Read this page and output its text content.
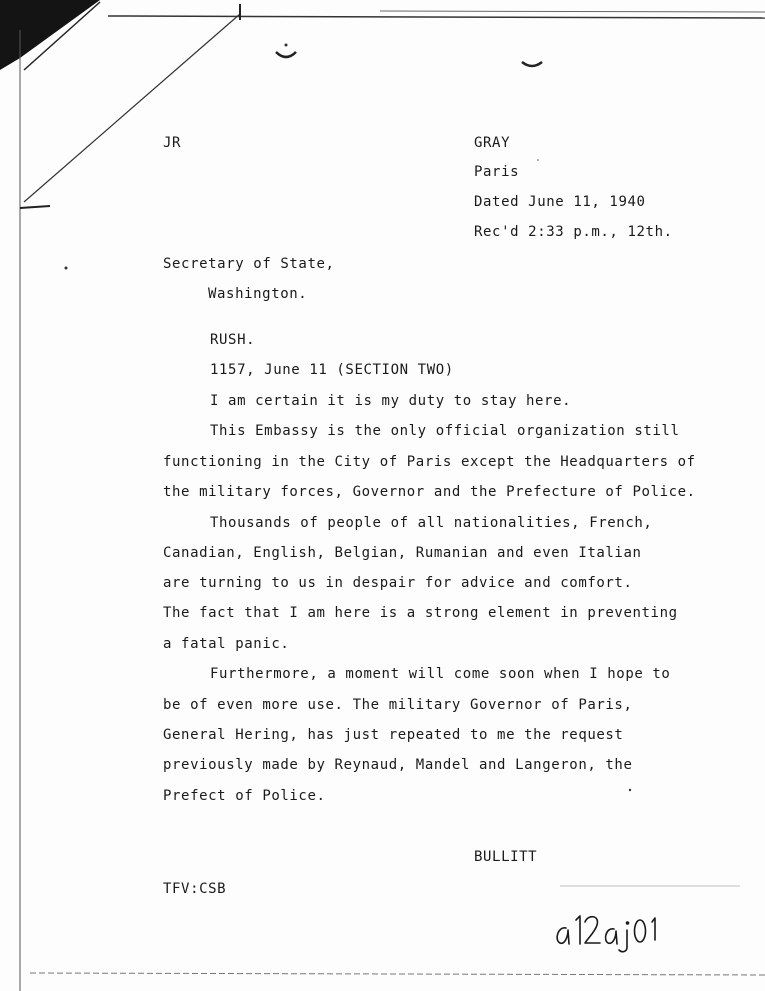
JR	GRAY
Paris
Dated June 11, 1940
Rec'd 2:33 p.m., 12th.
Secretary of State,
Washington.
RUSH.
1157, June 11 (SECTION TWO)
I am certain it is my duty to stay here.
This Embassy is the only official organization still
functioning in the City of Paris except the Headquarters of
the military forces, Governor and the Prefecture of Police.
Thousands of people of all nationalities, French,
Canadian, English, Belgian, Rumanian and even Italian
are turning to us in despair for advice and comfort.
The fact that I am here is a strong element in preventing
a fatal panic.
Furthermore, a moment will come soon when I hope to
be of even more use. The military Governor of Paris,
General Hering, has just repeated to me the request
previously made by Reynaud, Mandel and Langeron, the
Prefect of Police.
BULLITT
TFV:CSB
